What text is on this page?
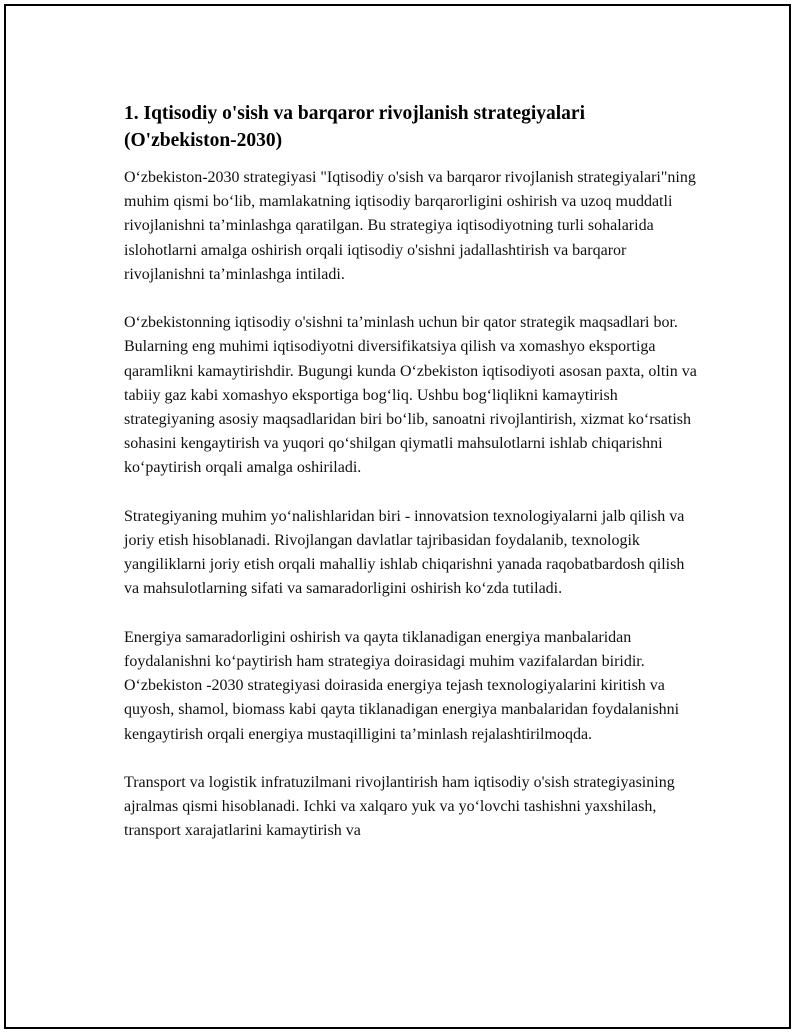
1. Iqtisodiy o'sish va barqaror rivojlanish strategiyalari
(O'zbekiston-2030)

O‘zbekiston-2030 strategiyasi "Iqtisodiy o'sish va barqaror rivojlanish strategiyalari"ning muhim qismi bo‘lib, mamlakatning iqtisodiy barqarorligini oshirish va uzoq muddatli rivojlanishni ta’minlashga qaratilgan. Bu strategiya iqtisodiyotning turli sohalarida islohotlarni amalga oshirish orqali iqtisodiy o'sishni jadallashtirish va barqaror rivojlanishni ta’minlashga intiladi.

O‘zbekistonning iqtisodiy o'sishni ta’minlash uchun bir qator strategik maqsadlari bor. Bularning eng muhimi iqtisodiyotni diversifikatsiya qilish va xomashyo eksportiga qaramlikni kamaytirishdir. Bugungi kunda O‘zbekiston iqtisodiyoti asosan paxta, oltin va tabiiy gaz kabi xomashyo eksportiga bog‘liq. Ushbu bog‘liqlikni kamaytirish strategiyaning asosiy maqsadlaridan biri bo‘lib, sanoatni rivojlantirish, xizmat ko‘rsatish sohasini kengaytirish va yuqori qo‘shilgan qiymatli mahsulotlarni ishlab chiqarishni ko‘paytirish orqali amalga oshiriladi.

Strategiyaning muhim yo‘nalishlaridan biri - innovatsion texnologiyalarni jalb qilish va joriy etish hisoblanadi. Rivojlangan davlatlar tajribasidan foydalanib, texnologik yangiliklarni joriy etish orqali mahalliy ishlab chiqarishni yanada raqobatbardosh qilish va mahsulotlarning sifati va samaradorligini oshirish ko‘zda tutiladi.

Energiya samaradorligini oshirish va qayta tiklanadigan energiya manbalaridan foydalanishni ko‘paytirish ham strategiya doirasidagi muhim vazifalardan biridir. O‘zbekiston -2030 strategiyasi doirasida energiya tejash texnologiyalarini kiritish va quyosh, shamol, biomass kabi qayta tiklanadigan energiya manbalaridan foydalanishni kengaytirish orqali energiya mustaqilligini ta’minlash rejalashtirilmoqda.

Transport va logistik infratuzilmani rivojlantirish ham iqtisodiy o'sish strategiyasining ajralmas qismi hisoblanadi. Ichki va xalqaro yuk va yo‘lovchi tashishni yaxshilash, transport xarajatlarini kamaytirish va
